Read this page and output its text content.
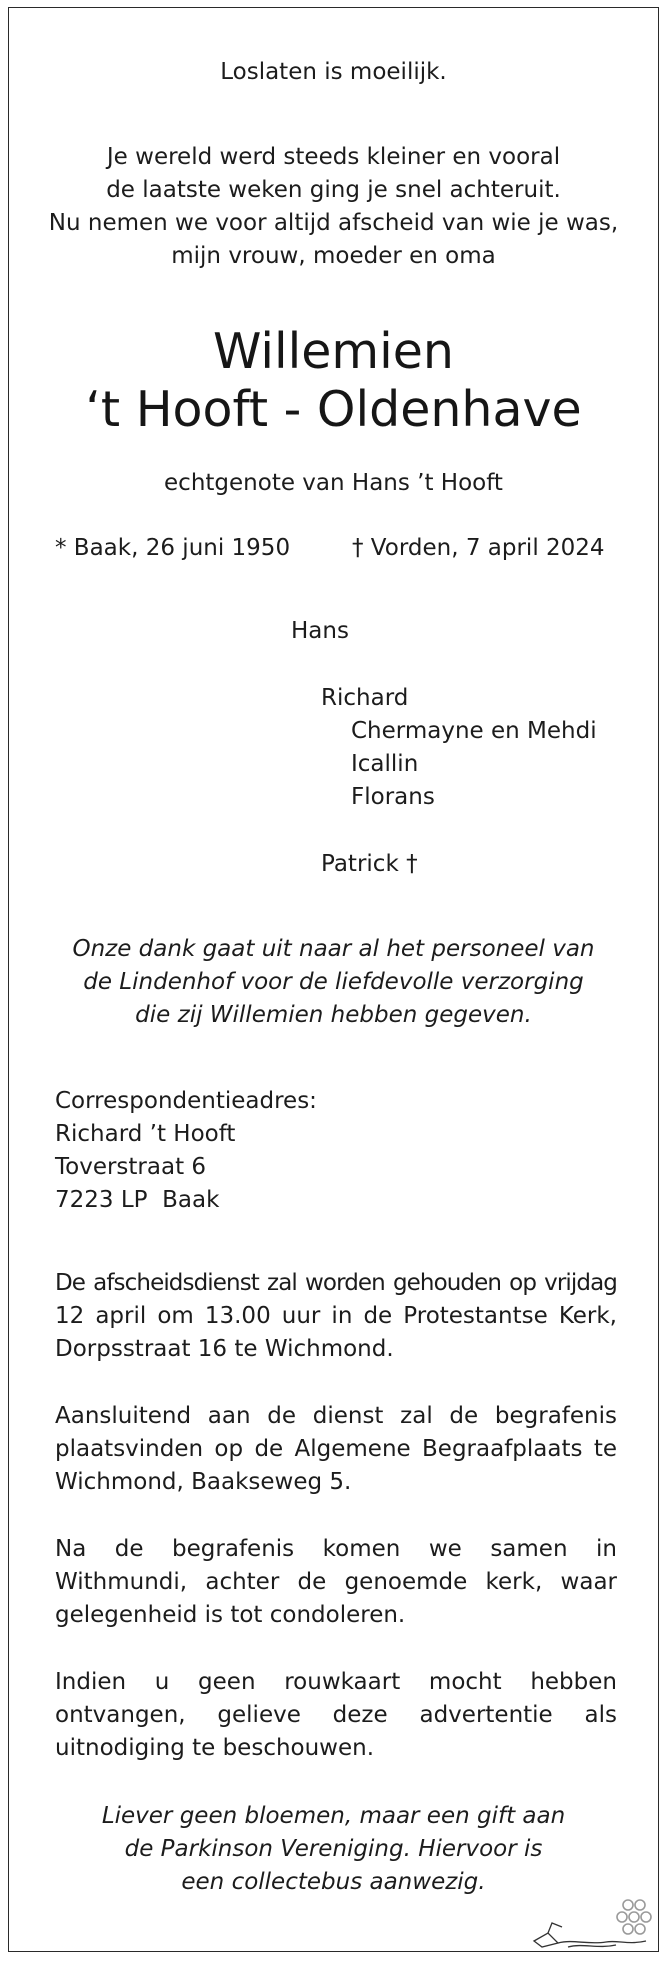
Loslaten is moeilijk.

Je wereld werd steeds kleiner en vooral

de laatste weken ging je snel achteruit.

Nu nemen we voor altijd afscheid van wie je was,

mijn vrouw, moeder en oma

Willemien

‘t Hooft - Oldenhave

echtgenote van Hans ’t Hooft

* Baak, 26 juni 1950	† Vorden, 7 april 2024

Hans

Richard

Chermayne en Mehdi

Icallin

Florans

Patrick †

Onze dank gaat uit naar al het personeel van

de Lindenhof voor de liefdevolle verzorging

die zij Willemien hebben gegeven.

Correspondentieadres:

Richard ’t Hooft

Toverstraat 6

7223 LP  Baak

De afscheidsdienst zal worden gehouden op vrijdag

12 april om 13.00 uur in de Protestantse Kerk,

Dorpsstraat 16 te Wichmond.

Aansluitend aan de dienst zal de begrafenis

plaatsvinden op de Algemene Begraafplaats te

Wichmond, Baakseweg 5.

Na de begrafenis komen we samen in

Withmundi, achter de genoemde kerk, waar

gelegenheid is tot condoleren.

Indien u geen rouwkaart mocht hebben

ontvangen, gelieve deze advertentie als

uitnodiging te beschouwen.

Liever geen bloemen, maar een gift aan

de Parkinson Vereniging. Hiervoor is

een collectebus aanwezig.
